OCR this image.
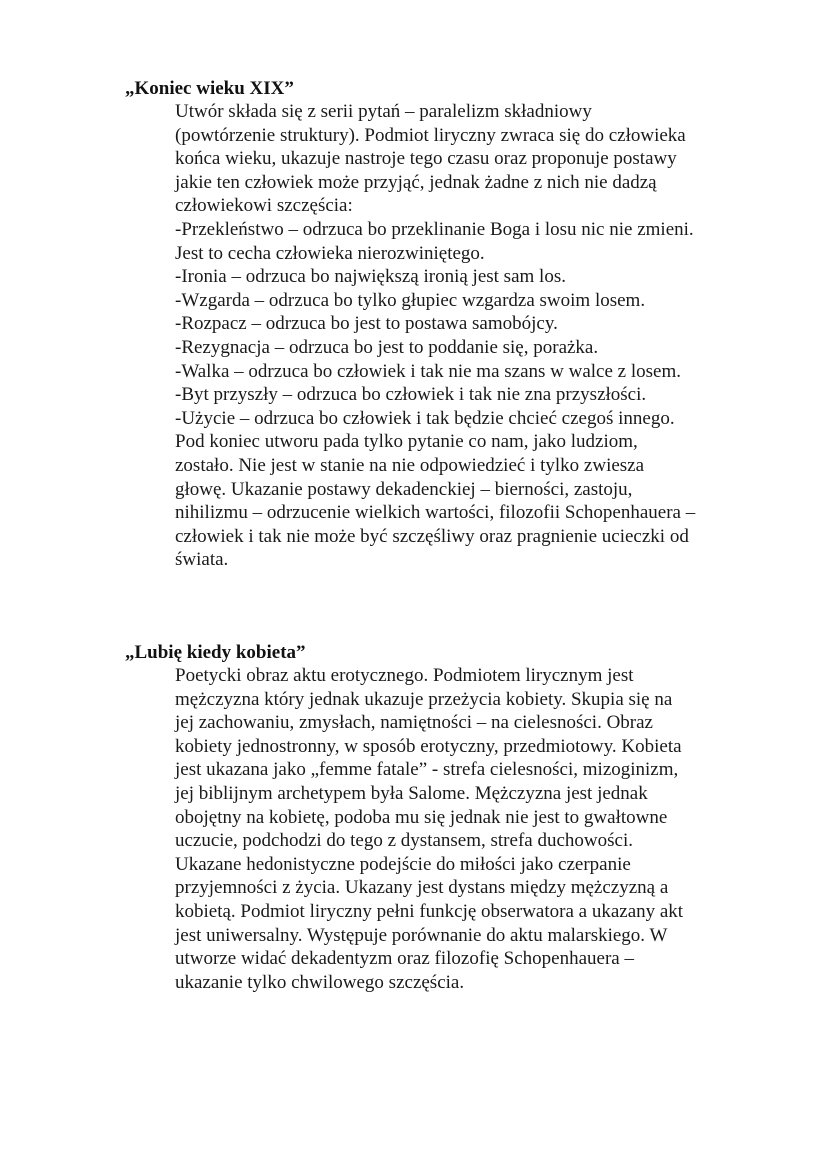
„Koniec wieku XIX”
Utwór składa się z serii pytań – paralelizm składniowy
(powtórzenie struktury). Podmiot liryczny zwraca się do człowieka
końca wieku, ukazuje nastroje tego czasu oraz proponuje postawy
jakie ten człowiek może przyjąć, jednak żadne z nich nie dadzą
człowiekowi szczęścia:
-Przekleństwo – odrzuca bo przeklinanie Boga i losu nic nie zmieni.
Jest to cecha człowieka nierozwiniętego.
-Ironia – odrzuca bo największą ironią jest sam los.
-Wzgarda – odrzuca bo tylko głupiec wzgardza swoim losem.
-Rozpacz – odrzuca bo jest to postawa samobójcy.
-Rezygnacja – odrzuca bo jest to poddanie się, porażka.
-Walka – odrzuca bo człowiek i tak nie ma szans w walce z losem.
-Byt przyszły – odrzuca bo człowiek i tak nie zna przyszłości.
-Użycie – odrzuca bo człowiek i tak będzie chcieć czegoś innego.
Pod koniec utworu pada tylko pytanie co nam, jako ludziom,
zostało. Nie jest w stanie na nie odpowiedzieć i tylko zwiesza
głowę. Ukazanie postawy dekadenckiej – bierności, zastoju,
nihilizmu – odrzucenie wielkich wartości, filozofii Schopenhauera –
człowiek i tak nie może być szczęśliwy oraz pragnienie ucieczki od
świata.
„Lubię kiedy kobieta”
Poetycki obraz aktu erotycznego. Podmiotem lirycznym jest
mężczyzna który jednak ukazuje przeżycia kobiety. Skupia się na
jej zachowaniu, zmysłach, namiętności – na cielesności. Obraz
kobiety jednostronny, w sposób erotyczny, przedmiotowy. Kobieta
jest ukazana jako „femme fatale” - strefa cielesności, mizoginizm,
jej biblijnym archetypem była Salome. Mężczyzna jest jednak
obojętny na kobietę, podoba mu się jednak nie jest to gwałtowne
uczucie, podchodzi do tego z dystansem, strefa duchowości.
Ukazane hedonistyczne podejście do miłości jako czerpanie
przyjemności z życia. Ukazany jest dystans między mężczyzną a
kobietą. Podmiot liryczny pełni funkcję obserwatora a ukazany akt
jest uniwersalny. Występuje porównanie do aktu malarskiego. W
utworze widać dekadentyzm oraz filozofię Schopenhauera –
ukazanie tylko chwilowego szczęścia.
